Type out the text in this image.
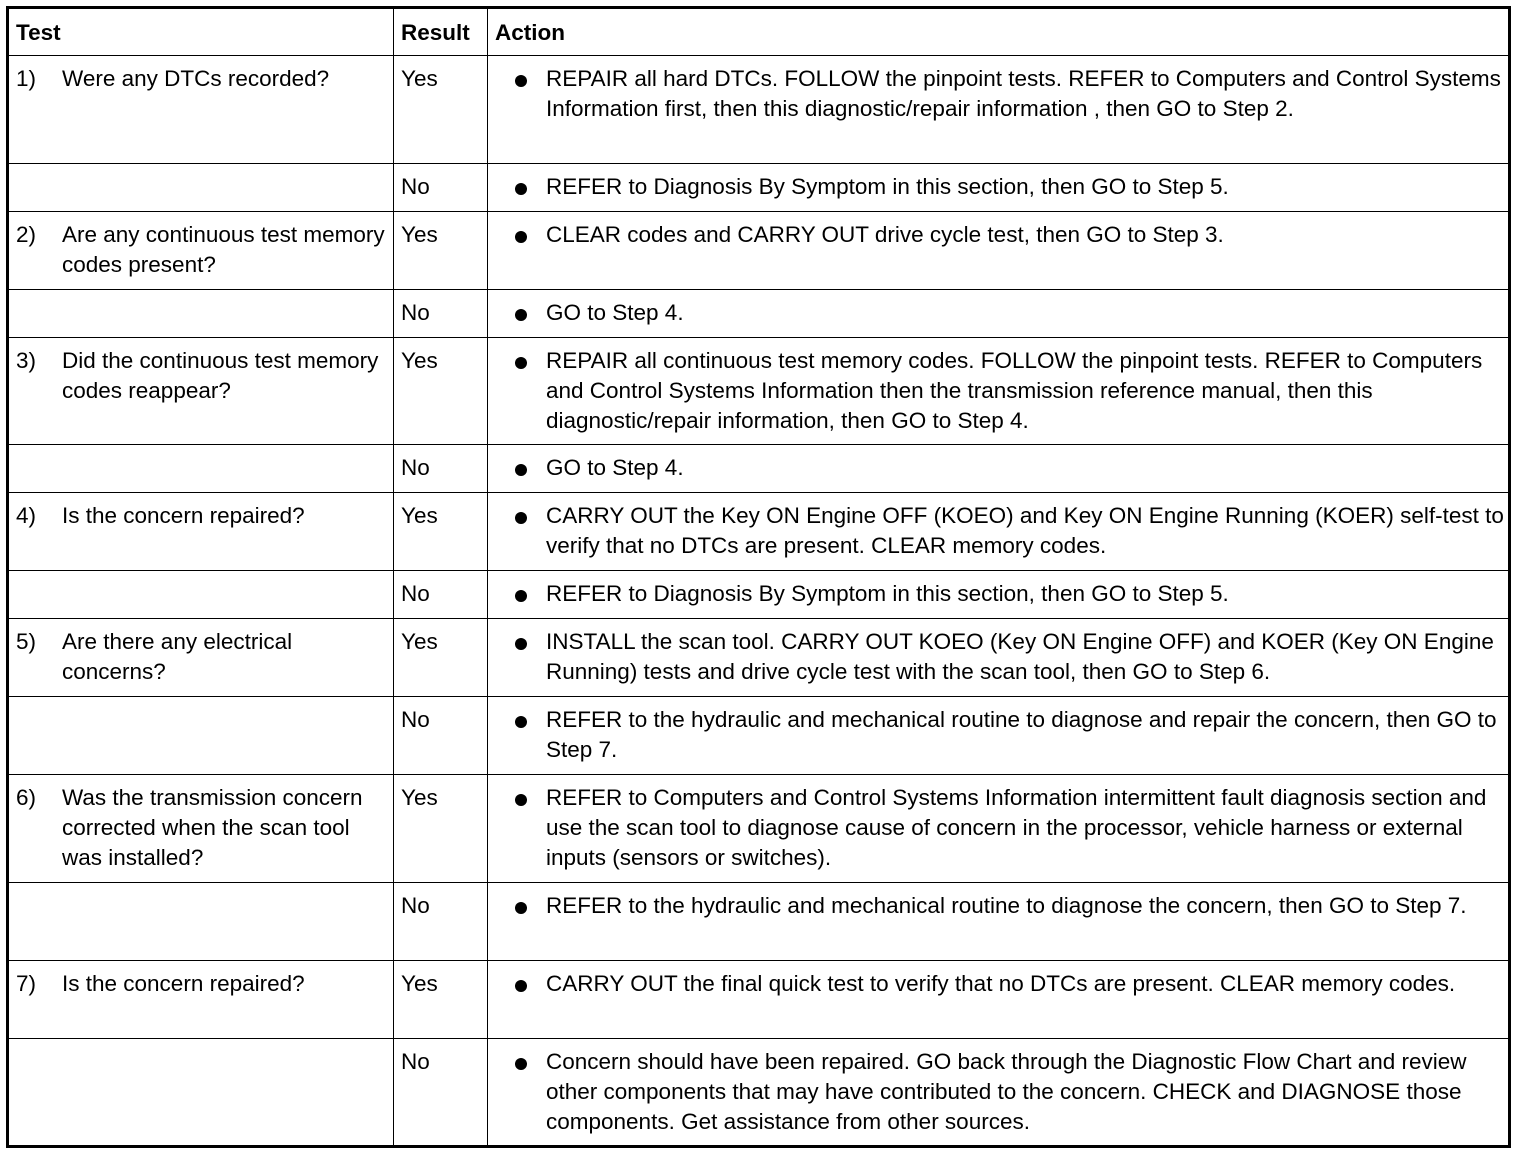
Test	Result	Action

1) Were any DTCs recorded?	Yes	REPAIR all hard DTCs. FOLLOW the pinpoint tests. REFER to Computers and Control Systems Information first, then this diagnostic/repair information , then GO to Step 2.

	No	REFER to Diagnosis By Symptom in this section, then GO to Step 5.

2) Are any continuous test memory codes present?	Yes	CLEAR codes and CARRY OUT drive cycle test, then GO to Step 3.

	No	GO to Step 4.

3) Did the continuous test memory codes reappear?	Yes	REPAIR all continuous test memory codes. FOLLOW the pinpoint tests. REFER to Computers and Control Systems Information then the transmission reference manual, then this diagnostic/repair information, then GO to Step 4.

	No	GO to Step 4.

4) Is the concern repaired?	Yes	CARRY OUT the Key ON Engine OFF (KOEO) and Key ON Engine Running (KOER) self-test to verify that no DTCs are present. CLEAR memory codes.

	No	REFER to Diagnosis By Symptom in this section, then GO to Step 5.

5) Are there any electrical concerns?	Yes	INSTALL the scan tool. CARRY OUT KOEO (Key ON Engine OFF) and KOER (Key ON Engine Running) tests and drive cycle test with the scan tool, then GO to Step 6.

	No	REFER to the hydraulic and mechanical routine to diagnose and repair the concern, then GO to Step 7.

6) Was the transmission concern corrected when the scan tool was installed?	Yes	REFER to Computers and Control Systems Information intermittent fault diagnosis section and use the scan tool to diagnose cause of concern in the processor, vehicle harness or external inputs (sensors or switches).

	No	REFER to the hydraulic and mechanical routine to diagnose the concern, then GO to Step 7.

7) Is the concern repaired?	Yes	CARRY OUT the final quick test to verify that no DTCs are present. CLEAR memory codes.

	No	Concern should have been repaired. GO back through the Diagnostic Flow Chart and review other components that may have contributed to the concern. CHECK and DIAGNOSE those components. Get assistance from other sources.
